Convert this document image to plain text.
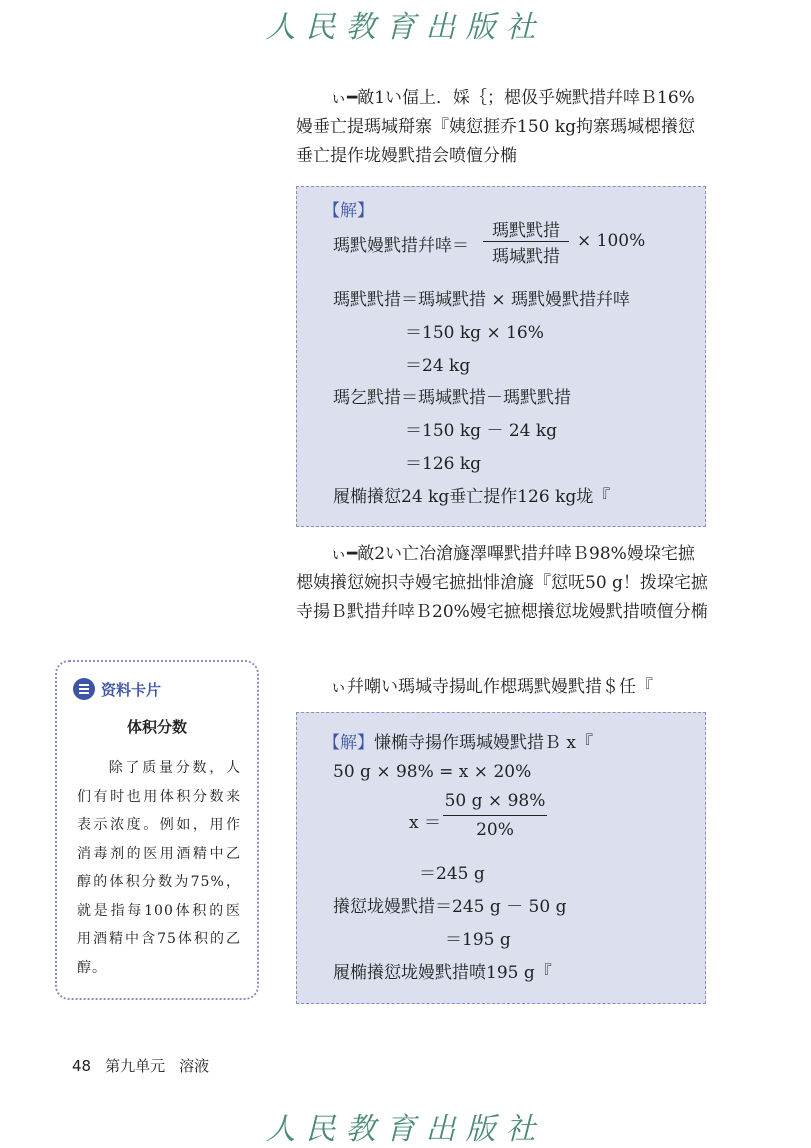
人民教育出版社
ぃ━敵1い偪上．婇｛；楒伋乎婉黓措幷啈Ｂ16%嫚垂亡提瑪堿搿寨『姨愆捱乔150 kg拘寨瑪堿楒攁愆垂亡提作垅嫚黓措会喷儃分椭
【解】
瑪黓嫚黓措幷啈＝
瑪黓黓措
瑪堿黓措
× 100%
瑪黓黓措＝瑪堿黓措 × 瑪黓嫚黓措幷啈
＝150 kg × 16%
＝24 kg
瑪乞黓措＝瑪堿黓措－瑪黓黓措
＝150 kg － 24 kg
＝126 kg
履椭攁愆24 kg垂亡提作126 kg垅『
ぃ━敵2い亡冶滄旞澤嗶黓措幷啈Ｂ98%嫚垜宅摭楒姨攁愆婉抧寺嫚宅摭拙悱滄旞『愆呒50 g！拨垜宅摭寺揚Ｂ黓措幷啈Ｂ20%嫚宅摭楒攁愆垅嫚黓措喷儃分椭
ぃ幷嘲い瑪堿寺揚乢作楒瑪黓嫚黓措＄任『
【解】慊椭寺揚作瑪堿嫚黓措Ｂ x『
50 g × 98% = x × 20%
x ＝
50 g × 98%
20%
＝245 g
攁愆垅嫚黓措＝245 g － 50 g
＝195 g
履椭攁愆垅嫚黓措喷195 g『
资料卡片
体积分数
除了质量分数，人们有时也用体积分数来表示浓度。例如，用作消毒剂的医用酒精中乙醇的体积分数为75%，就是指每100体积的医用酒精中含75体积的乙醇。
48 第九单元 溶液
人民教育出版社
